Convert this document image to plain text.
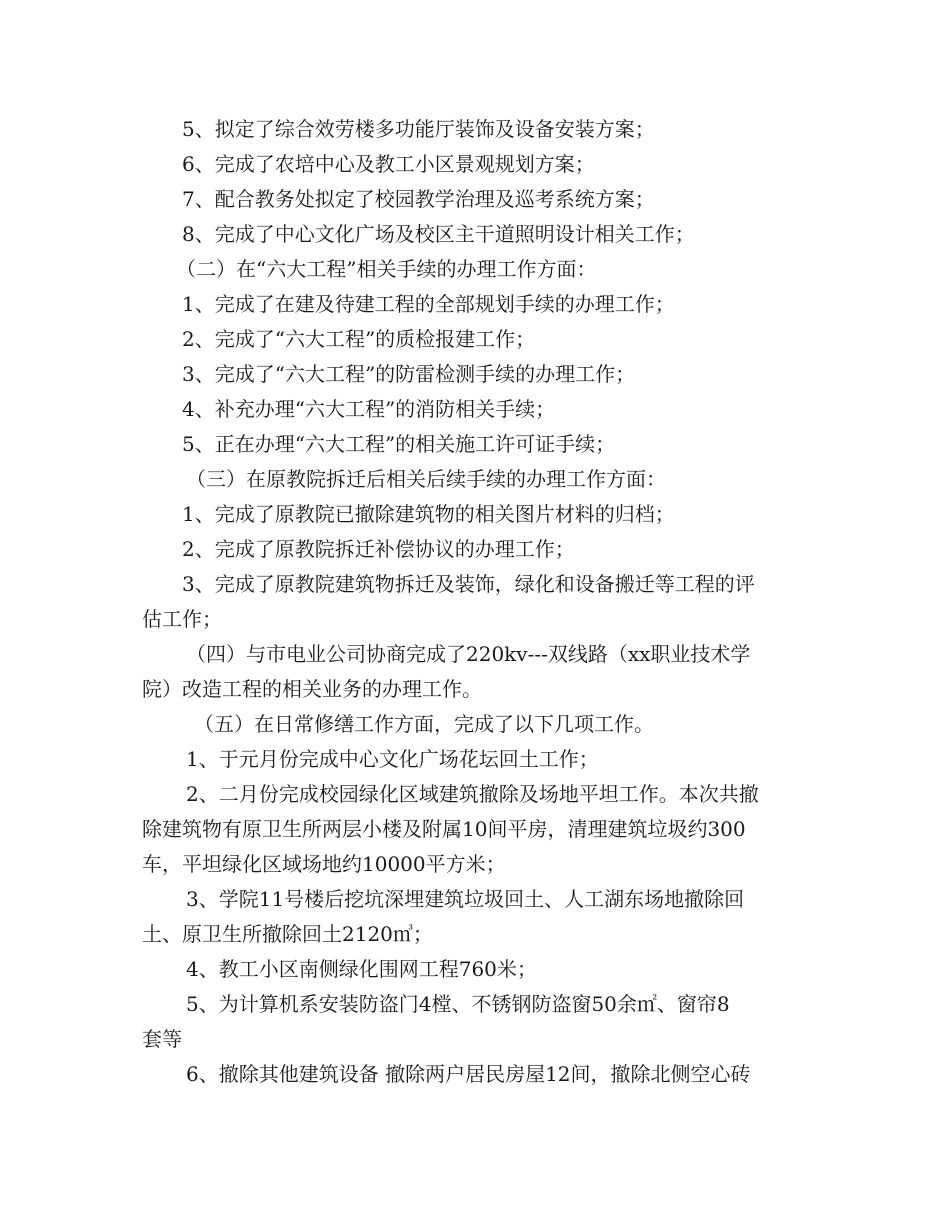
5、拟定了综合效劳楼多功能厅装饰及设备安装方案；
6、完成了农培中心及教工小区景观规划方案；
7、配合教务处拟定了校园教学治理及巡考系统方案；
8、完成了中心文化广场及校区主干道照明设计相关工作；
（二）在“六大工程”相关手续的办理工作方面：
1、完成了在建及待建工程的全部规划手续的办理工作；
2、完成了“六大工程”的质检报建工作；
3、完成了“六大工程”的防雷检测手续的办理工作；
4、补充办理“六大工程”的消防相关手续；
5、正在办理“六大工程”的相关施工许可证手续；
（三）在原教院拆迁后相关后续手续的办理工作方面：
1、完成了原教院已撤除建筑物的相关图片材料的归档；
2、完成了原教院拆迁补偿协议的办理工作；
3、完成了原教院建筑物拆迁及装饰，绿化和设备搬迁等工程的评
估工作；
（四）与市电业公司协商完成了220kv---双线路（xx职业技术学
院）改造工程的相关业务的办理工作。
（五）在日常修缮工作方面，完成了以下几项工作。
1、于元月份完成中心文化广场花坛回土工作；
2、二月份完成校园绿化区域建筑撤除及场地平坦工作。本次共撤
除建筑物有原卫生所两层小楼及附属10间平房，清理建筑垃圾约300
车，平坦绿化区域场地约10000平方米；
3、学院11号楼后挖坑深埋建筑垃圾回土、人工湖东场地撤除回
土、原卫生所撤除回土2120㎥；
4、教工小区南侧绿化围网工程760米；
5、为计算机系安装防盗门4樘、不锈钢防盗窗50余㎡、窗帘8
套等
6、撤除其他建筑设备 撤除两户居民房屋12间，撤除北侧空心砖
